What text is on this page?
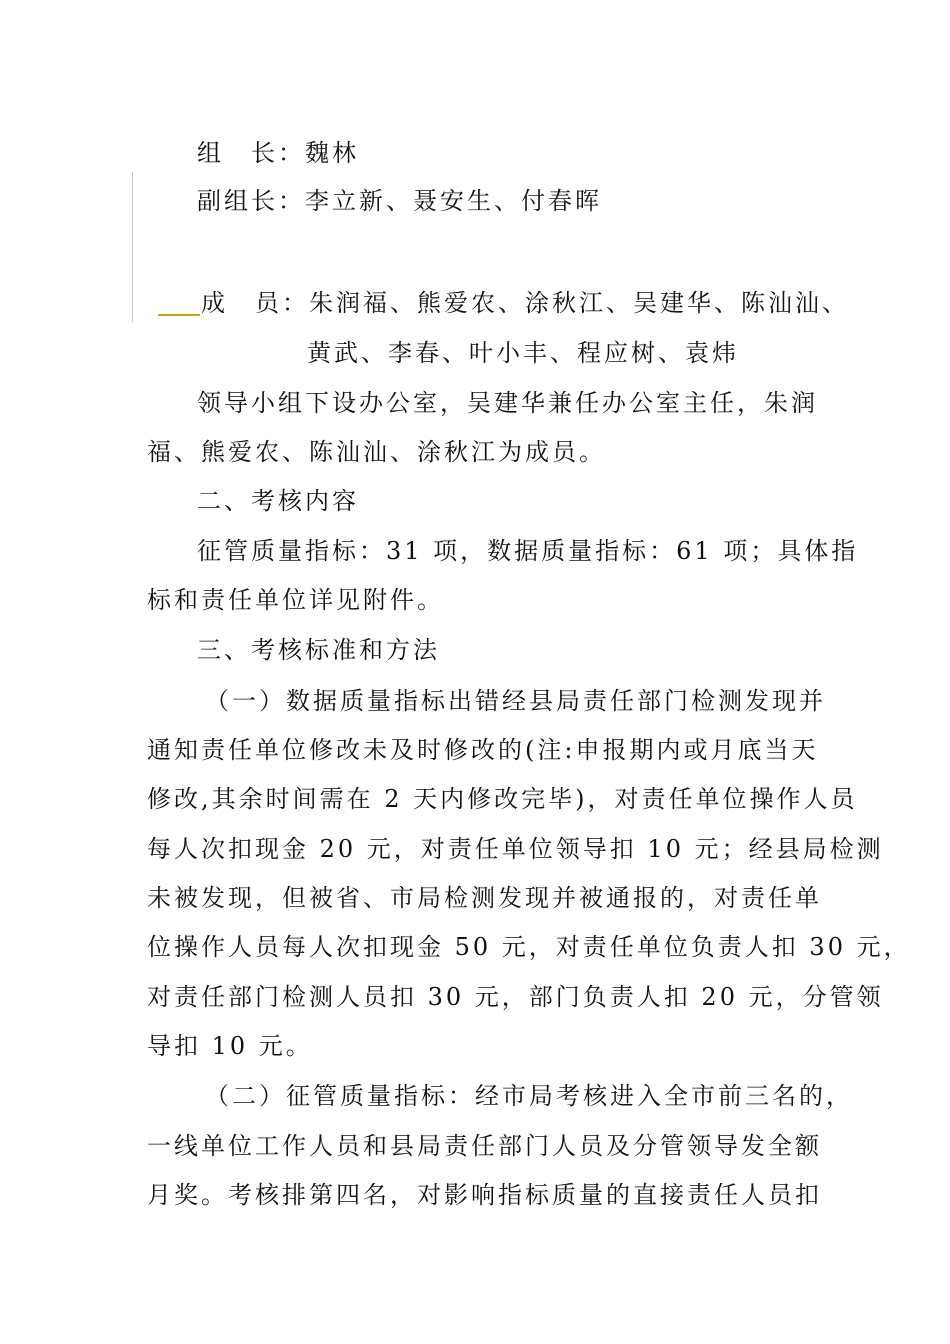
组　长：魏林
副组长：李立新、聂安生、付春晖
成　员：朱润福、熊爱农、涂秋江、吴建华、陈汕汕、
黄武、李春、叶小丰、程应树、袁炜
领导小组下设办公室，吴建华兼任办公室主任，朱润
福、熊爱农、陈汕汕、涂秋江为成员。
二、考核内容
征管质量指标：31 项，数据质量指标：61 项；具体指
标和责任单位详见附件。
三、考核标准和方法
（一）数据质量指标出错经县局责任部门检测发现并
通知责任单位修改未及时修改的(注:申报期内或月底当天
修改,其余时间需在 2 天内修改完毕)，对责任单位操作人员
每人次扣现金 20 元，对责任单位领导扣 10 元；经县局检测
未被发现，但被省、市局检测发现并被通报的，对责任单
位操作人员每人次扣现金 50 元，对责任单位负责人扣 30 元，
对责任部门检测人员扣 30 元，部门负责人扣 20 元，分管领
导扣 10 元。
（二）征管质量指标：经市局考核进入全市前三名的，
一线单位工作人员和县局责任部门人员及分管领导发全额
月奖。考核排第四名，对影响指标质量的直接责任人员扣
